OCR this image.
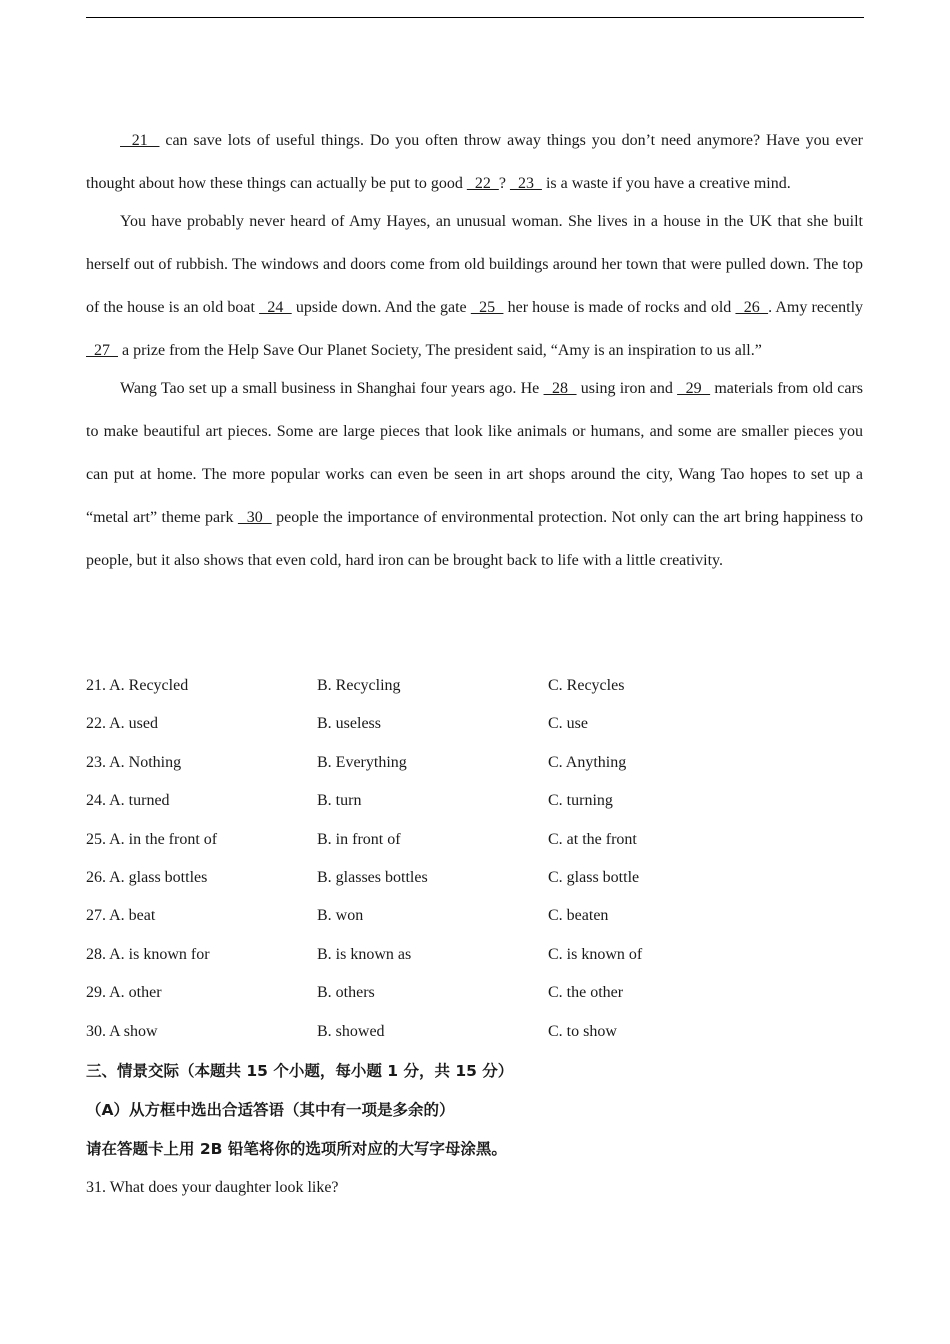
21   can save lots of useful things. Do you often throw away things you don’t need anymore? Have you ever thought about how these things can actually be put to good   22  ?   23   is a waste if you have a creative mind.

You have probably never heard of Amy Hayes, an unusual woman. She lives in a house in the UK that she built herself out of rubbish. The windows and doors come from old buildings around her town that were pulled down. The top of the house is an old boat   24   upside down. And the gate   25   her house is made of rocks and old   26  . Amy recently   27   a prize from the Help Save Our Planet Society, The president said, “Amy is an inspiration to us all.”

Wang Tao set up a small business in Shanghai four years ago. He   28   using iron and   29   materials from old cars to make beautiful art pieces. Some are large pieces that look like animals or humans, and some are smaller pieces you can put at home. The more popular works can even be seen in art shops around the city, Wang Tao hopes to set up a “metal art” theme park   30   people the importance of environmental protection. Not only can the art bring happiness to people, but it also shows that even cold, hard iron can be brought back to life with a little creativity.

21. A. Recycled	B. Recycling	C. Recycles
22. A. used	B. useless	C. use
23. A. Nothing	B. Everything	C. Anything
24. A. turned	B. turn	C. turning
25. A. in the front of	B. in front of	C. at the front
26. A. glass bottles	B. glasses bottles	C. glass bottle
27. A. beat	B. won	C. beaten
28. A. is known for	B. is known as	C. is known of
29. A. other	B. others	C. the other
30. A show	B. showed	C. to show
三、情景交际（本题共 15 个小题，每小题 1 分，共 15 分）
（A）从方框中选出合适答语（其中有一项是多余的）
请在答题卡上用 2B 铅笔将你的选项所对应的大写字母涂黑。
31. What does your daughter look like?
